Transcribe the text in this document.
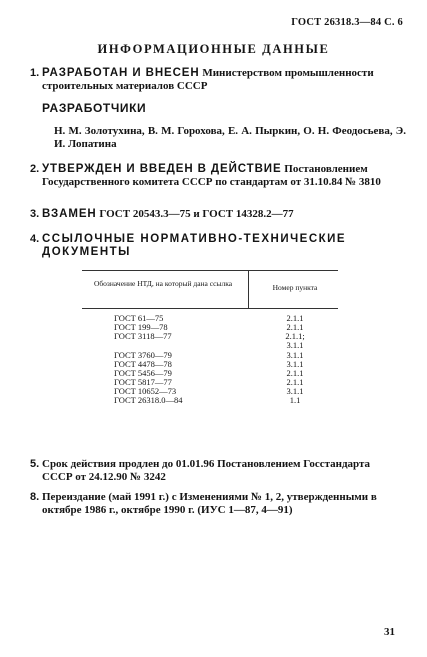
ГОСТ 26318.3—84 С. 6
ИНФОРМАЦИОННЫЕ ДАННЫЕ
1. РАЗРАБОТАН И ВНЕСЕН Министерством промышленности строительных материалов СССР
РАЗРАБОТЧИКИ
Н. М. Золотухина, В. М. Горохова, Е. А. Пыркин, О. Н. Феодосьева, Э. И. Лопатина
2. УТВЕРЖДЕН И ВВЕДЕН В ДЕЙСТВИЕ Постановлением Государственного комитета СССР по стандартам от 31.10.84 № 3810
3. ВЗАМЕН ГОСТ 20543.3—75 и ГОСТ 14328.2—77
4. ССЫЛОЧНЫЕ НОРМАТИВНО-ТЕХНИЧЕСКИЕ ДОКУМЕНТЫ
Обозначение НТД, на который дана ссылка	Номер пункта
ГОСТ 61—75	2.1.1
ГОСТ 199—78	2.1.1
ГОСТ 3118—77	2.1.1;
3.1.1
ГОСТ 3760—79	3.1.1
ГОСТ 4478—78	3.1.1
ГОСТ 5456—79	2.1.1
ГОСТ 5817—77	2.1.1
ГОСТ 10652—73	3.1.1
ГОСТ 26318.0—84	1.1
5. Срок действия продлен до 01.01.96 Постановлением Госстандарта СССР от 24.12.90 № 3242
8. Переиздание (май 1991 г.) с Изменениями № 1, 2, утвержденными в октябре 1986 г., октябре 1990 г. (ИУС 1—87, 4—91)
31
